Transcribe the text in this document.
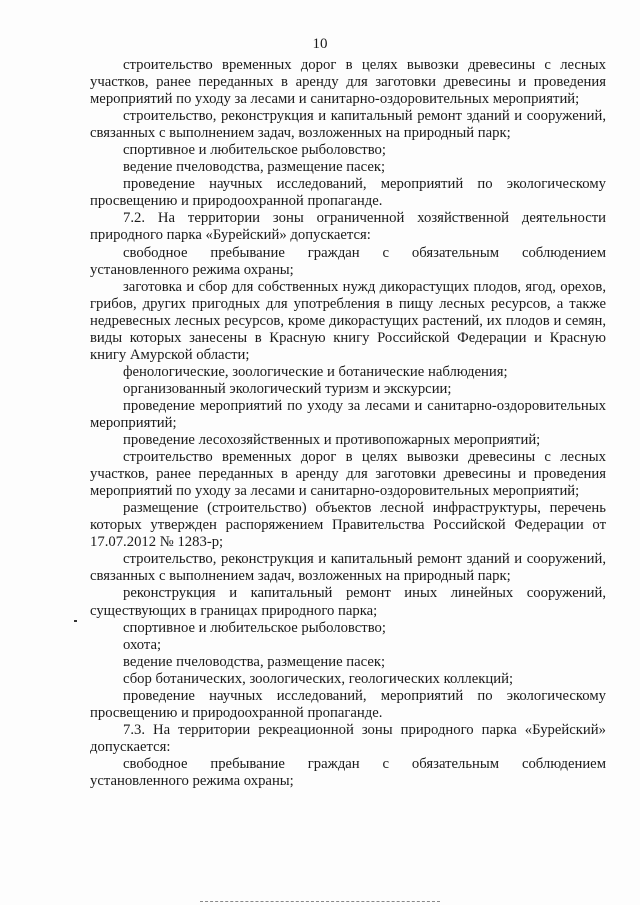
10

строительство временных дорог в целях вывозки древесины с лесных участков, ранее переданных в аренду для заготовки древесины и проведения мероприятий по уходу за лесами и санитарно-оздоровительных мероприятий;

строительство, реконструкция и капитальный ремонт зданий и сооружений, связанных с выполнением задач, возложенных на природный парк;

спортивное и любительское рыболовство;

ведение пчеловодства, размещение пасек;

проведение научных исследований, мероприятий по экологическому просвещению и природоохранной пропаганде.

7.2. На территории зоны ограниченной хозяйственной деятельности природного парка «Бурейский» допускается:

свободное пребывание граждан с обязательным соблюдением установленного режима охраны;

заготовка и сбор для собственных нужд дикорастущих плодов, ягод, орехов, грибов, других пригодных для употребления в пищу лесных ресурсов, а также недревесных лесных ресурсов, кроме дикорастущих растений, их плодов и семян, виды которых занесены в Красную книгу Российской Федерации и Красную книгу Амурской области;

фенологические, зоологические и ботанические наблюдения;

организованный экологический туризм и экскурсии;

проведение мероприятий по уходу за лесами и санитарно-оздоровительных мероприятий;

проведение лесохозяйственных и противопожарных мероприятий;

строительство временных дорог в целях вывозки древесины с лесных участков, ранее переданных в аренду для заготовки древесины и проведения мероприятий по уходу за лесами и санитарно-оздоровительных мероприятий;

размещение (строительство) объектов лесной инфраструктуры, перечень которых утвержден распоряжением Правительства Российской Федерации от 17.07.2012 № 1283-р;

строительство, реконструкция и капитальный ремонт зданий и сооружений, связанных с выполнением задач, возложенных на природный парк;

реконструкция и капитальный ремонт иных линейных сооружений, существующих в границах природного парка;

спортивное и любительское рыболовство;

охота;

ведение пчеловодства, размещение пасек;

сбор ботанических, зоологических, геологических коллекций;

проведение научных исследований, мероприятий по экологическому просвещению и природоохранной пропаганде.

7.3. На территории рекреационной зоны природного парка «Бурейский» допускается:

свободное пребывание граждан с обязательным соблюдением установленного режима охраны;
